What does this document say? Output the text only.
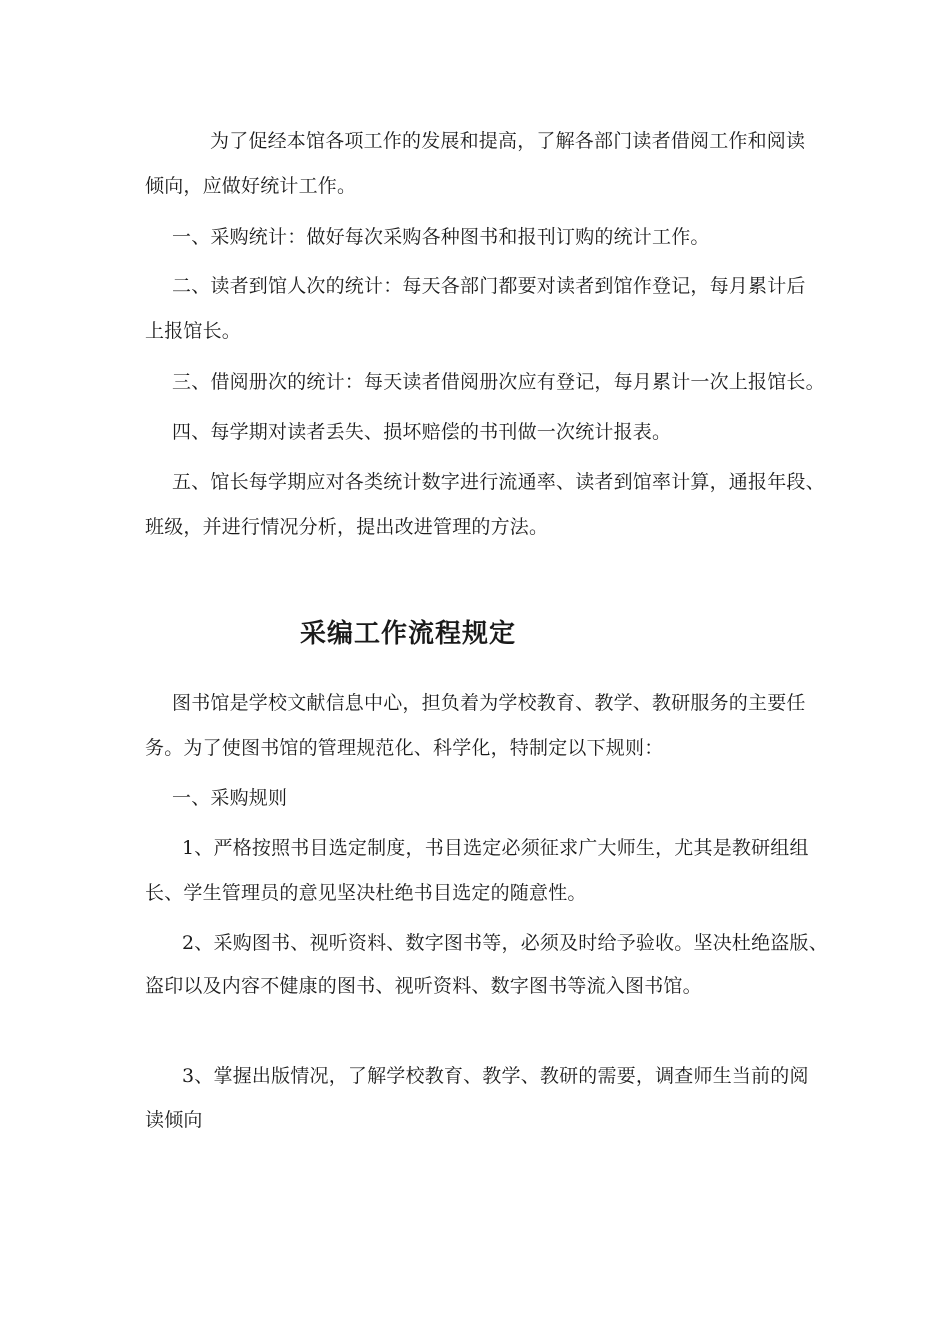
为了促经本馆各项工作的发展和提高，了解各部门读者借阅工作和阅读
倾向，应做好统计工作。
一、采购统计：做好每次采购各种图书和报刊订购的统计工作。
二、读者到馆人次的统计：每天各部门都要对读者到馆作登记，每月累计后
上报馆长。
三、借阅册次的统计：每天读者借阅册次应有登记，每月累计一次上报馆长。
四、每学期对读者丢失、损坏赔偿的书刊做一次统计报表。
五、馆长每学期应对各类统计数字进行流通率、读者到馆率计算，通报年段、
班级，并进行情况分析，提出改进管理的方法。
采编工作流程规定
图书馆是学校文献信息中心，担负着为学校教育、教学、教研服务的主要任
务。为了使图书馆的管理规范化、科学化，特制定以下规则：
一、采购规则
1、严格按照书目选定制度，书目选定必须征求广大师生，尤其是教研组组
长、学生管理员的意见坚决杜绝书目选定的随意性。
2、采购图书、视听资料、数字图书等，必须及时给予验收。坚决杜绝盗版、
盗印以及内容不健康的图书、视听资料、数字图书等流入图书馆。
3、掌握出版情况，了解学校教育、教学、教研的需要，调查师生当前的阅
读倾向
